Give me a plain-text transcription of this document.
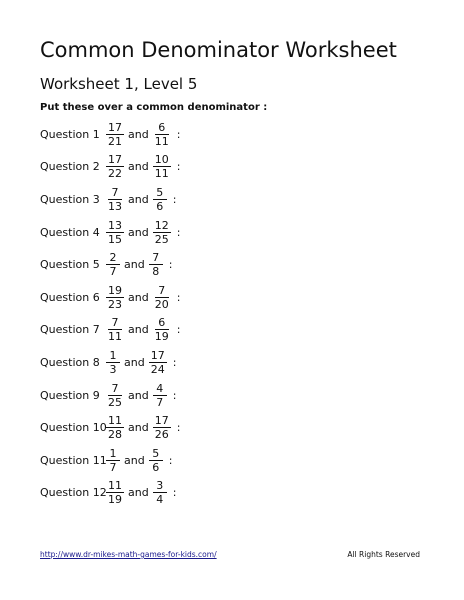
Common Denominator Worksheet
Worksheet 1, Level 5
Put these over a common denominator :
Question $1 \frac{17}{21}$ and $\frac{6}{11}$ :
Question $2 \frac{17}{22}$ and $\frac{10}{11}$ :
Question $3 \frac{7}{13}$ and $\frac{5}{6}$ :
Question $4 \frac{13}{15}$ and $\frac{12}{25}$ :
Question $5 \frac{2}{7}$ and $\frac{7}{8}$ :
Question $6 \frac{19}{23}$ and $\frac{7}{20}$ :
Question $7 \frac{7}{11}$ and $\frac{6}{19}$ :
Question $8 \frac{1}{3}$ and $\frac{17}{24}$ :
Question $9 \frac{7}{25}$ and $\frac{4}{7}$ :
Question $10 \frac{11}{28}$ and $\frac{17}{26}$ :
Question $11 \frac{1}{7}$ and $\frac{5}{6}$ :
Question $12 \frac{11}{19}$ and $\frac{3}{4}$ :
http://www.dr-mikes-math-games-for-kids.com/	All Rights Reserved
